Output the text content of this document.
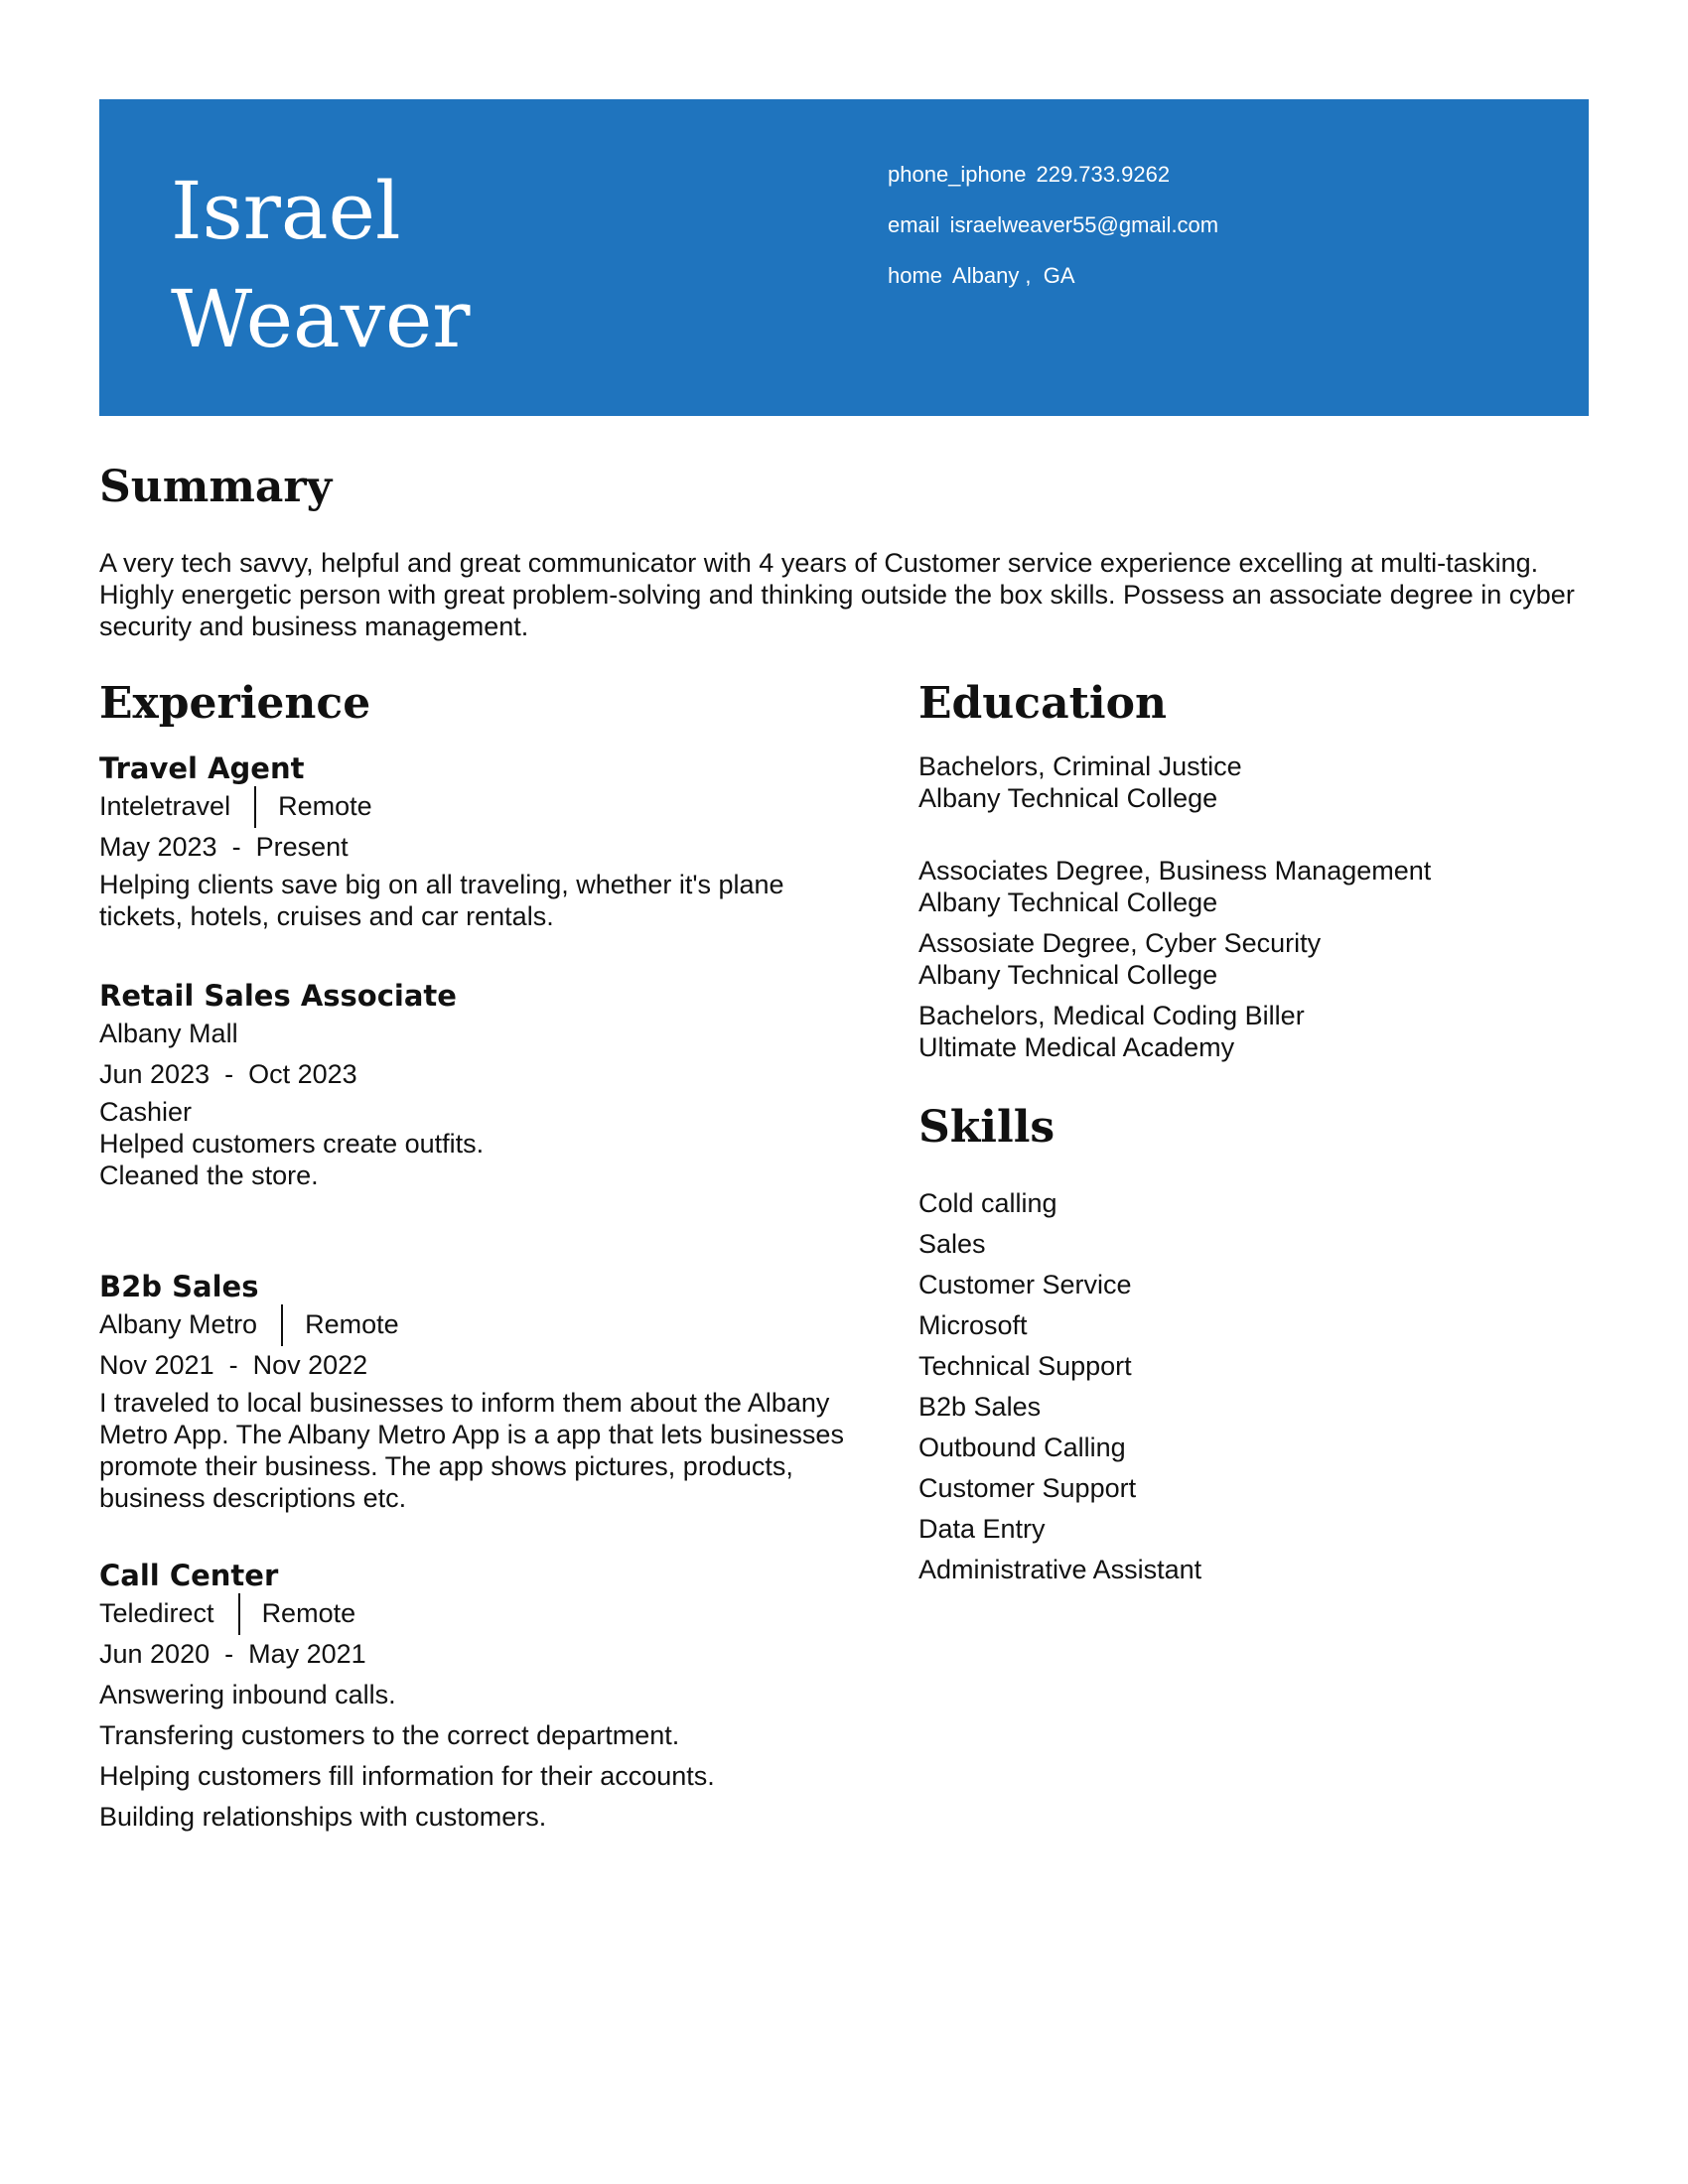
Israel
Weaver
phone_iphone 229.733.9262
email israelweaver55@gmail.com
home Albany ,  GA
Summary

A very tech savvy, helpful and great communicator with 4 years of Customer service experience excelling at multi-tasking. Highly energetic person with great problem-solving and thinking outside the box skills. Possess an associate degree in cyber security and business management.

Experience
Travel Agent
Inteletravel Remote
May 2023  -  Present

Helping clients save big on all traveling, whether it's plane tickets, hotels, cruises and car rentals.

Retail Sales Associate
Albany Mall
Jun 2023  -  Oct 2023

Cashier

Helped customers create outfits.

Cleaned the store.

B2b Sales
Albany Metro Remote
Nov 2021  -  Nov 2022

I traveled to local businesses to inform them about the Albany Metro App. The Albany Metro App is a app that lets businesses promote their business. The app shows pictures, products, business descriptions etc.

Call Center
Teledirect Remote
Jun 2020  -  May 2021
Answering inbound calls.
Transfering customers to the correct department.
Helping customers fill information for their accounts.
Building relationships with customers.
Education
Bachelors, Criminal Justice
Albany Technical College
Associates Degree, Business Management
Albany Technical College
Assosiate Degree, Cyber Security
Albany Technical College
Bachelors, Medical Coding Biller
Ultimate Medical Academy
Skills
Cold calling
Sales
Customer Service
Microsoft
Technical Support
B2b Sales
Outbound Calling
Customer Support
Data Entry
Administrative Assistant
